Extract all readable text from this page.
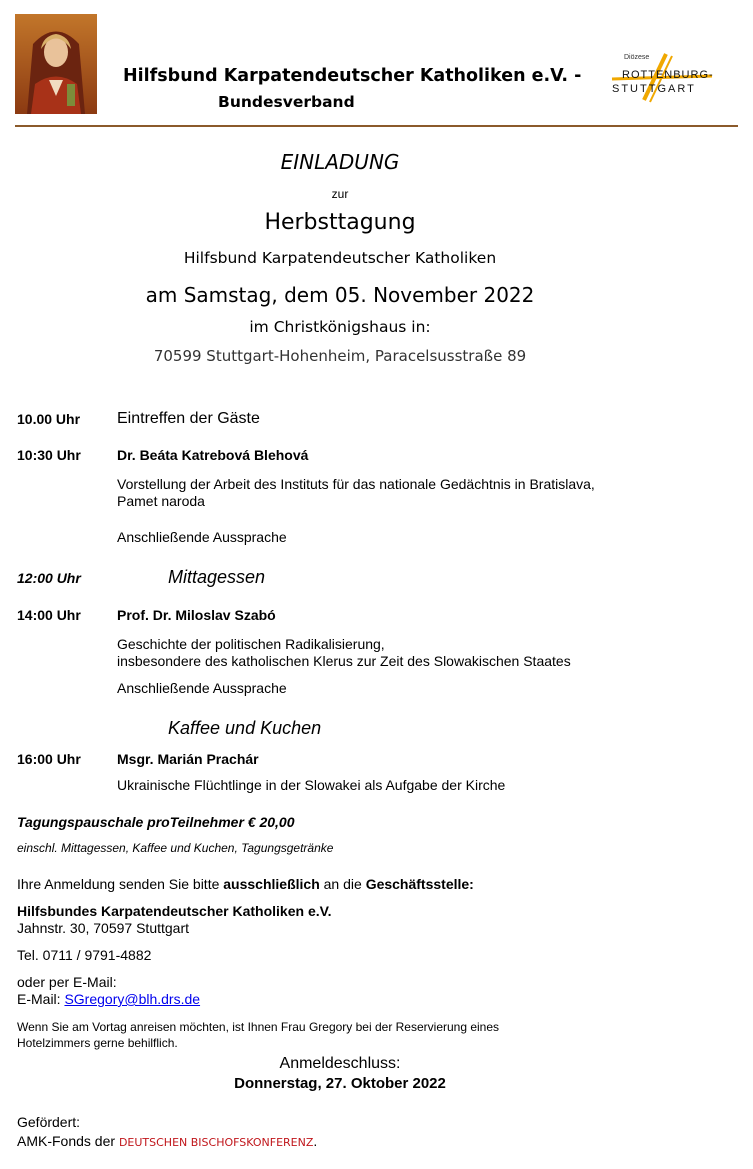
Hilfsbund Karpatendeutscher Katholiken e.V. -
Bundesverband
Diözese
ROTTENBURG-
STUTTGART
EINLADUNG
zur
Herbsttagung
Hilfsbund Karpatendeutscher Katholiken
am Samstag, dem 05. November 2022
im Christkönigshaus in:
70599 Stuttgart-Hohenheim, Paracelsusstraße 89
10.00 Uhr Eintreffen der Gäste
10:30 Uhr	Dr. Beáta Katrebová Blehová
Vorstellung der Arbeit des Instituts für das nationale Gedächtnis in Bratislava,
Pamet naroda
Anschließende Aussprache
12:00 Uhr	Mittagessen
14:00 Uhr	Prof. Dr. Miloslav Szabó
Geschichte der politischen Radikalisierung,
insbesondere des katholischen Klerus zur Zeit des Slowakischen Staates
Anschließende Aussprache
Kaffee und Kuchen
16:00 Uhr	Msgr. Marián Prachár
Ukrainische Flüchtlinge in der Slowakei als Aufgabe der Kirche
Tagungspauschale proTeilnehmer € 20,00
einschl. Mittagessen, Kaffee und Kuchen, Tagungsgetränke
Ihre Anmeldung senden Sie bitte ausschließlich an die Geschäftsstelle:
Hilfsbundes Karpatendeutscher Katholiken e.V.
Jahnstr. 30, 70597 Stuttgart
Tel. 0711 / 9791-4882
oder per E-Mail:
E-Mail: SGregory@blh.drs.de
Wenn Sie am Vortag anreisen möchten, ist Ihnen Frau Gregory bei der Reservierung eines
Hotelzimmers gerne behilflich.
Anmeldeschluss:
Donnerstag, 27. Oktober 2022
Gefördert:
AMK-Fonds der DEUTSCHEN BISCHOFSKONFERENZ.
